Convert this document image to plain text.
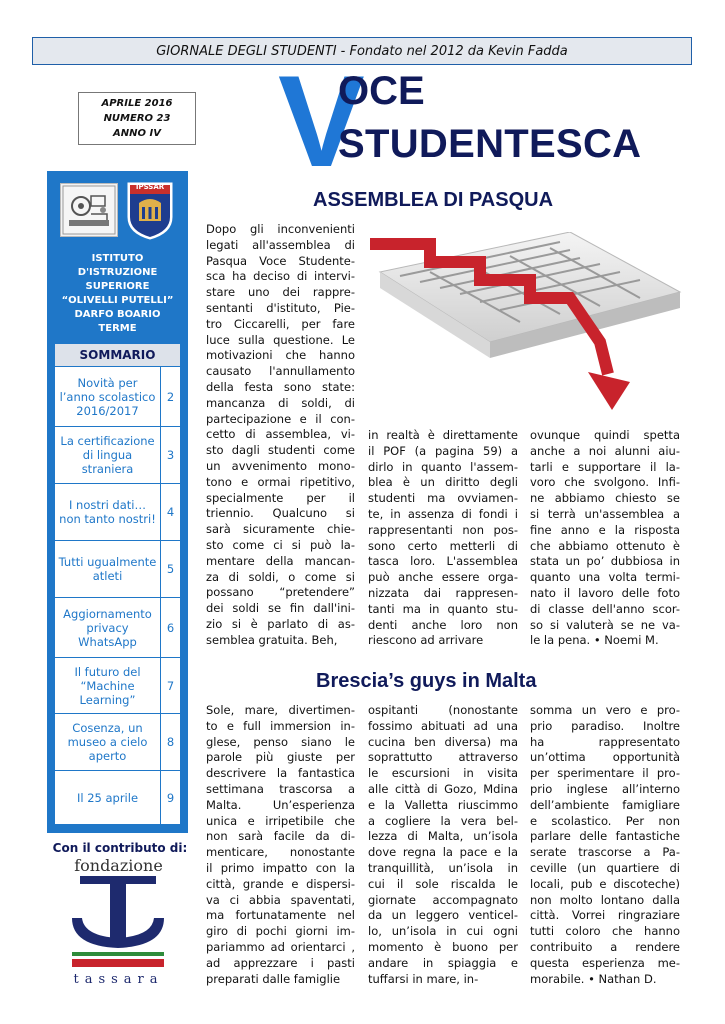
GIORNALE DEGLI STUDENTI - Fondato nel 2012 da Kevin Fadda
APRILE 2016
NUMERO 23
ANNO IV V
OCE
STUDENTESCA
IPSSAR
ISTITUTO
D'ISTRUZIONE
SUPERIORE
“OLIVELLI PUTELLI”
DARFO BOARIO
TERME
SOMMARIO
Novità per l’anno scolastico 2016/2017
2
La certificazione di lingua straniera
3
I nostri dati… non tanto nostri! 4
Tutti ugualmente atleti	5
Aggiornamento privacy WhatsApp
6
Il futuro del “Machine Learning”
7
Cosenza, un museo a cielo aperto
8
Il 25 aprile	9
Con il contributo di:
fondazione
tassara
ASSEMBLEA DI PASQUA
Dopo gli inconvenienti
legati all'assemblea di
Pasqua Voce Studente-
sca ha deciso di intervi-
stare uno dei rappre-
sentanti d'istituto, Pie-
tro Ciccarelli, per fare
luce sulla questione. Le
motivazioni che hanno
causato l'annullamento
della festa sono state:
mancanza di soldi, di
partecipazione e il con-
cetto di assemblea, vi-
sto dagli studenti come
un avvenimento mono-
tono e ormai ripetitivo,
specialmente per il
triennio. Qualcuno si
sarà sicuramente chie-
sto come ci si può la-
mentare della mancan-
za di soldi, o come si
possano “pretendere”
dei soldi se fin dall'ini-
zio si è parlato di as-
semblea gratuita. Beh,
in realtà è direttamente
il POF (a pagina 59) a
dirlo in quanto l'assem-
blea è un diritto degli
studenti ma ovviamen-
te, in assenza di fondi i
rappresentanti non pos-
sono certo metterli di
tasca loro. L'assemblea
può anche essere orga-
nizzata dai rappresen-
tanti ma in quanto stu-
denti anche loro non
riescono ad arrivare
ovunque quindi spetta
anche a noi alunni aiu-
tarli e supportare il la-
voro che svolgono. Infi-
ne abbiamo chiesto se
si terrà un'assemblea a
fine anno e la risposta
che abbiamo ottenuto è
stata un po’ dubbiosa in
quanto una volta termi-
nato il lavoro delle foto
di classe dell'anno scor-
so si valuterà se ne va-
le la pena. • Noemi M.
Brescia’s guys in Malta
Sole, mare, divertimen-
to e full immersion in-
glese, penso siano le
parole più giuste per
descrivere la fantastica
settimana trascorsa a
Malta. Un’esperienza
unica e irripetibile che
non sarà facile da di-
menticare, nonostante
il primo impatto con la
città, grande e dispersi-
va ci abbia spaventati,
ma fortunatamente nel
giro di pochi giorni im-
pariammo ad orientarci ,
ad apprezzare i pasti
preparati dalle famiglie
ospitanti (nonostante
fossimo abituati ad una
cucina ben diversa) ma
soprattutto attraverso
le escursioni in visita
alle città di Gozo, Mdina
e la Valletta riuscimmo
a cogliere la vera bel-
lezza di Malta, un’isola
dove regna la pace e la
tranquillità, un’isola in
cui il sole riscalda le
giornate accompagnato
da un leggero venticel-
lo, un’isola in cui ogni
momento è buono per
andare in spiaggia e
tuffarsi in mare, in-
somma un vero e pro-
prio paradiso. Inoltre
ha rappresentato
un’ottima opportunità
per sperimentare il pro-
prio inglese all’interno
dell’ambiente famigliare
e scolastico. Per non
parlare delle fantastiche
serate trascorse a Pa-
ceville (un quartiere di
locali, pub e discoteche)
non molto lontano dalla
città. Vorrei ringraziare
tutti coloro che hanno
contribuito a rendere
questa esperienza me-
morabile. • Nathan D.
